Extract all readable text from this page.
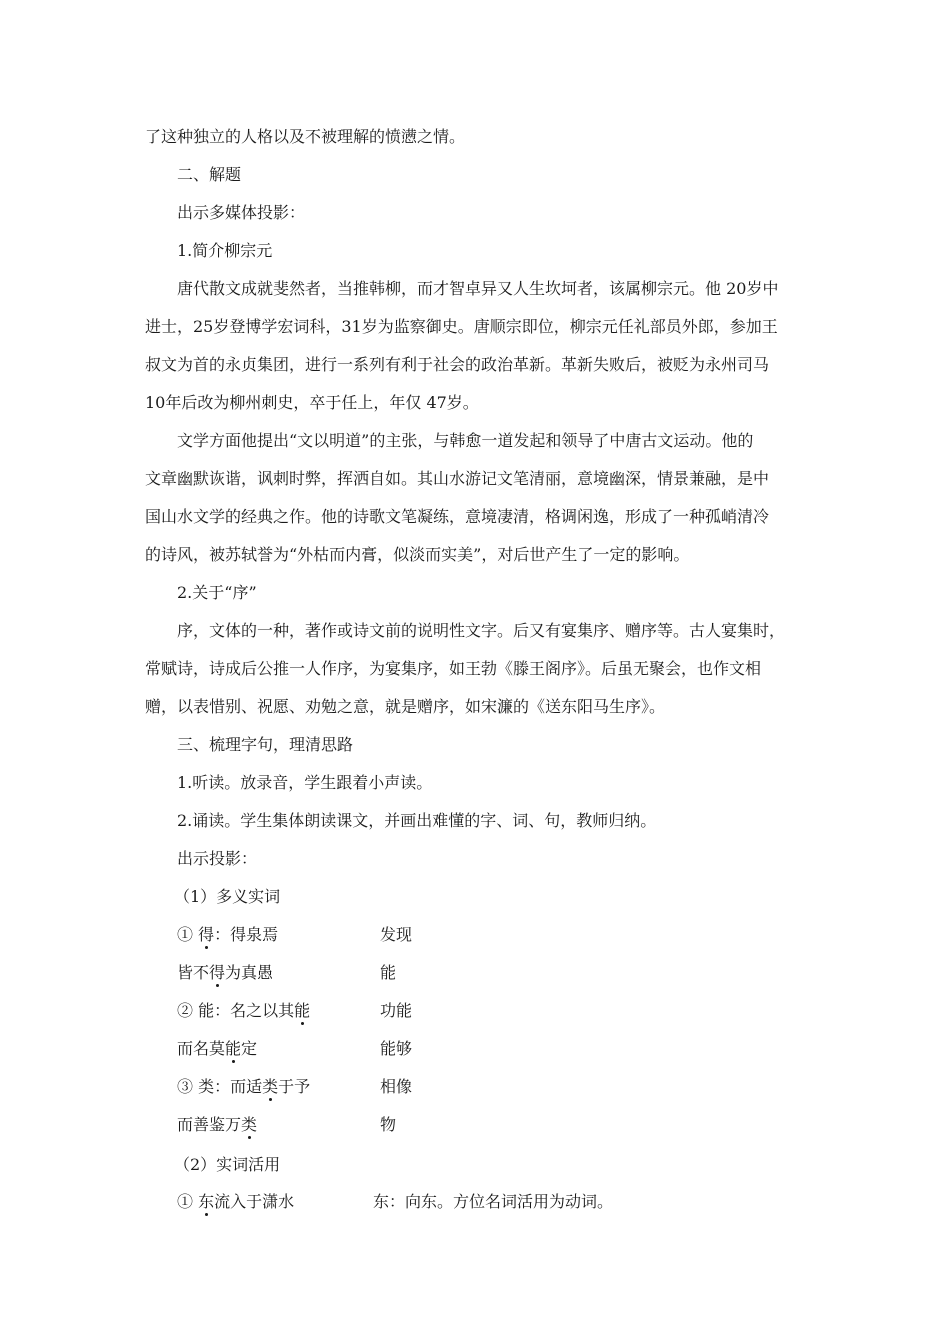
了这种独立的人格以及不被理解的愤懑之情。
二、解题
出示多媒体投影：
1.简介柳宗元
唐代散文成就斐然者，当推韩柳，而才智卓异又人生坎坷者，该属柳宗元。他 20岁中
进士，25岁登博学宏词科，31岁为监察御史。唐顺宗即位，柳宗元任礼部员外郎，参加王
叔文为首的永贞集团，进行一系列有利于社会的政治革新。革新失败后，被贬为永州司马
10年后改为柳州刺史，卒于任上，年仅 47岁。
文学方面他提出“文以明道”的主张，与韩愈一道发起和领导了中唐古文运动。他的
文章幽默诙谐，讽刺时弊，挥洒自如。其山水游记文笔清丽，意境幽深，情景兼融，是中
国山水文学的经典之作。他的诗歌文笔凝练，意境凄清，格调闲逸，形成了一种孤峭清冷
的诗风，被苏轼誉为“外枯而内膏，似淡而实美”，对后世产生了一定的影响。
2.关于“序”
序，文体的一种，著作或诗文前的说明性文字。后又有宴集序、赠序等。古人宴集时，
常赋诗，诗成后公推一人作序，为宴集序，如王勃《滕王阁序》。后虽无聚会，也作文相
赠，以表惜别、祝愿、劝勉之意，就是赠序，如宋濂的《送东阳马生序》。
三、梳理字句，理清思路
1.听读。放录音，学生跟着小声读。
2.诵读。学生集体朗读课文，并画出难懂的字、词、句，教师归纳。
出示投影：
（1）多义实词
① 得：得泉焉	发现
皆不得为真愚	能
② 能：名之以其能	功能
而名莫能定	能够
③ 类：而适类于予	相像
而善鉴万类	物
（2）实词活用
① 东流入于潇水	东：向东。方位名词活用为动词。
